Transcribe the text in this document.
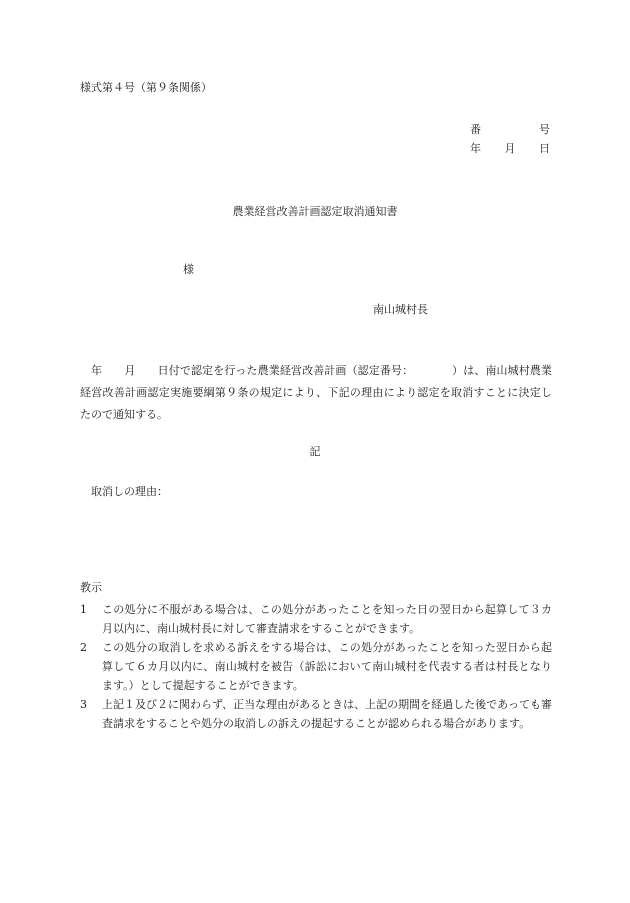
様式第４号（第９条関係）
番	号
年 月 日
農業経営改善計画認定取消通知書
様
南山城村長
年　　月　　日付で認定を行った農業経営改善計画（認定番号：　　　　）は、南山城村農業経営改善計画認定実施要綱第９条の規定により、下記の理由により認定を取消すことに決定したので通知する。
記
取消しの理由：
教示
1	この処分に不服がある場合は、この処分があったことを知った日の翌日から起算して３カ月以内に、南山城村長に対して審査請求をすることができます。
2	この処分の取消しを求める訴えをする場合は、この処分があったことを知った翌日から起算して６カ月以内に、南山城村を被告（訴訟において南山城村を代表する者は村長となります。）として提起することができます。
3	上記１及び２に関わらず、正当な理由があるときは、上記の期間を経過した後であっても審査請求をすることや処分の取消しの訴えの提起することが認められる場合があります。
